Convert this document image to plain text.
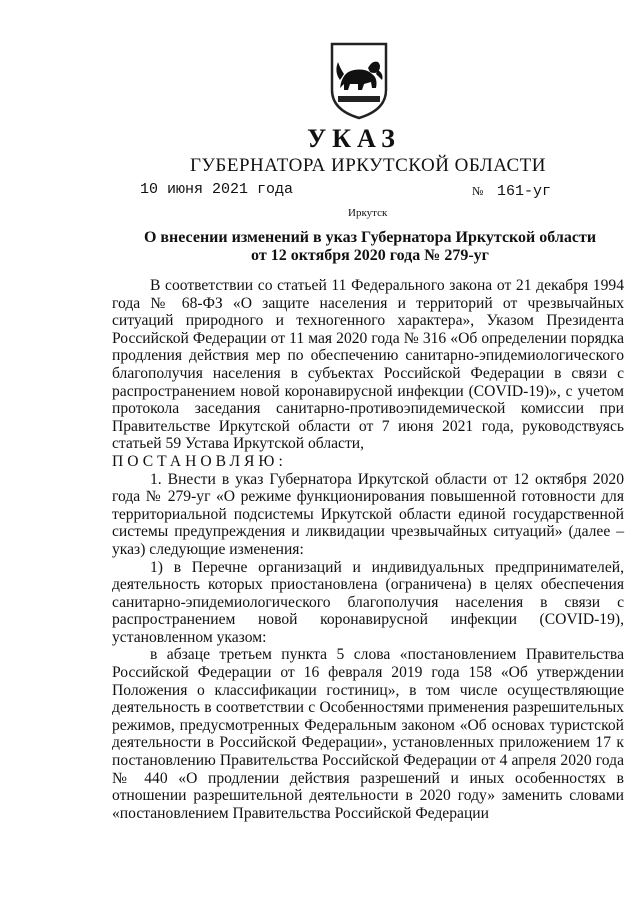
УКАЗ
ГУБЕРНАТОРА ИРКУТСКОЙ ОБЛАСТИ
10 июня 2021 года	№ 161-уг
Иркутск
О внесении изменений в указ Губернатора Иркутской области
от 12 октября 2020 года № 279-уг

В соответствии со статьей 11 Федерального закона от 21 декабря 1994 года № 68-ФЗ «О защите населения и территорий от чрезвычайных ситуаций природного и техногенного характера», Указом Президента Российской Федерации от 11 мая 2020 года № 316 «Об определении порядка продления действия мер по обеспечению санитарно-эпидемиологического благополучия населения в субъектах Российской Федерации в связи с распространением новой коронавирусной инфекции (COVID-19)», с учетом протокола заседания санитарно-противоэпидемической комиссии при Правительстве Иркутской области от 7 июня 2021 года, руководствуясь статьей 59 Устава Иркутской области,

ПОСТАНОВЛЯЮ:

1. Внести в указ Губернатора Иркутской области от 12 октября 2020 года № 279-уг «О режиме функционирования повышенной готовности для территориальной подсистемы Иркутской области единой государственной системы предупреждения и ликвидации чрезвычайных ситуаций» (далее – указ) следующие изменения:

1) в Перечне организаций и индивидуальных предпринимателей, деятельность которых приостановлена (ограничена) в целях обеспечения санитарно-эпидемиологического благополучия населения в связи с распространением новой коронавирусной инфекции (COVID-19), установленном указом:

в абзаце третьем пункта 5 слова «постановлением Правительства Российской Федерации от 16 февраля 2019 года 158 «Об утверждении Положения о классификации гостиниц», в том числе осуществляющие деятельность в соответствии с Особенностями применения разрешительных режимов, предусмотренных Федеральным законом «Об основах туристской деятельности в Российской Федерации», установленных приложением 17 к постановлению Правительства Российской Федерации от 4 апреля 2020 года № 440 «О продлении действия разрешений и иных особенностях в отношении разрешительной деятельности в 2020 году» заменить словами «постановлением Правительства Российской Федерации
